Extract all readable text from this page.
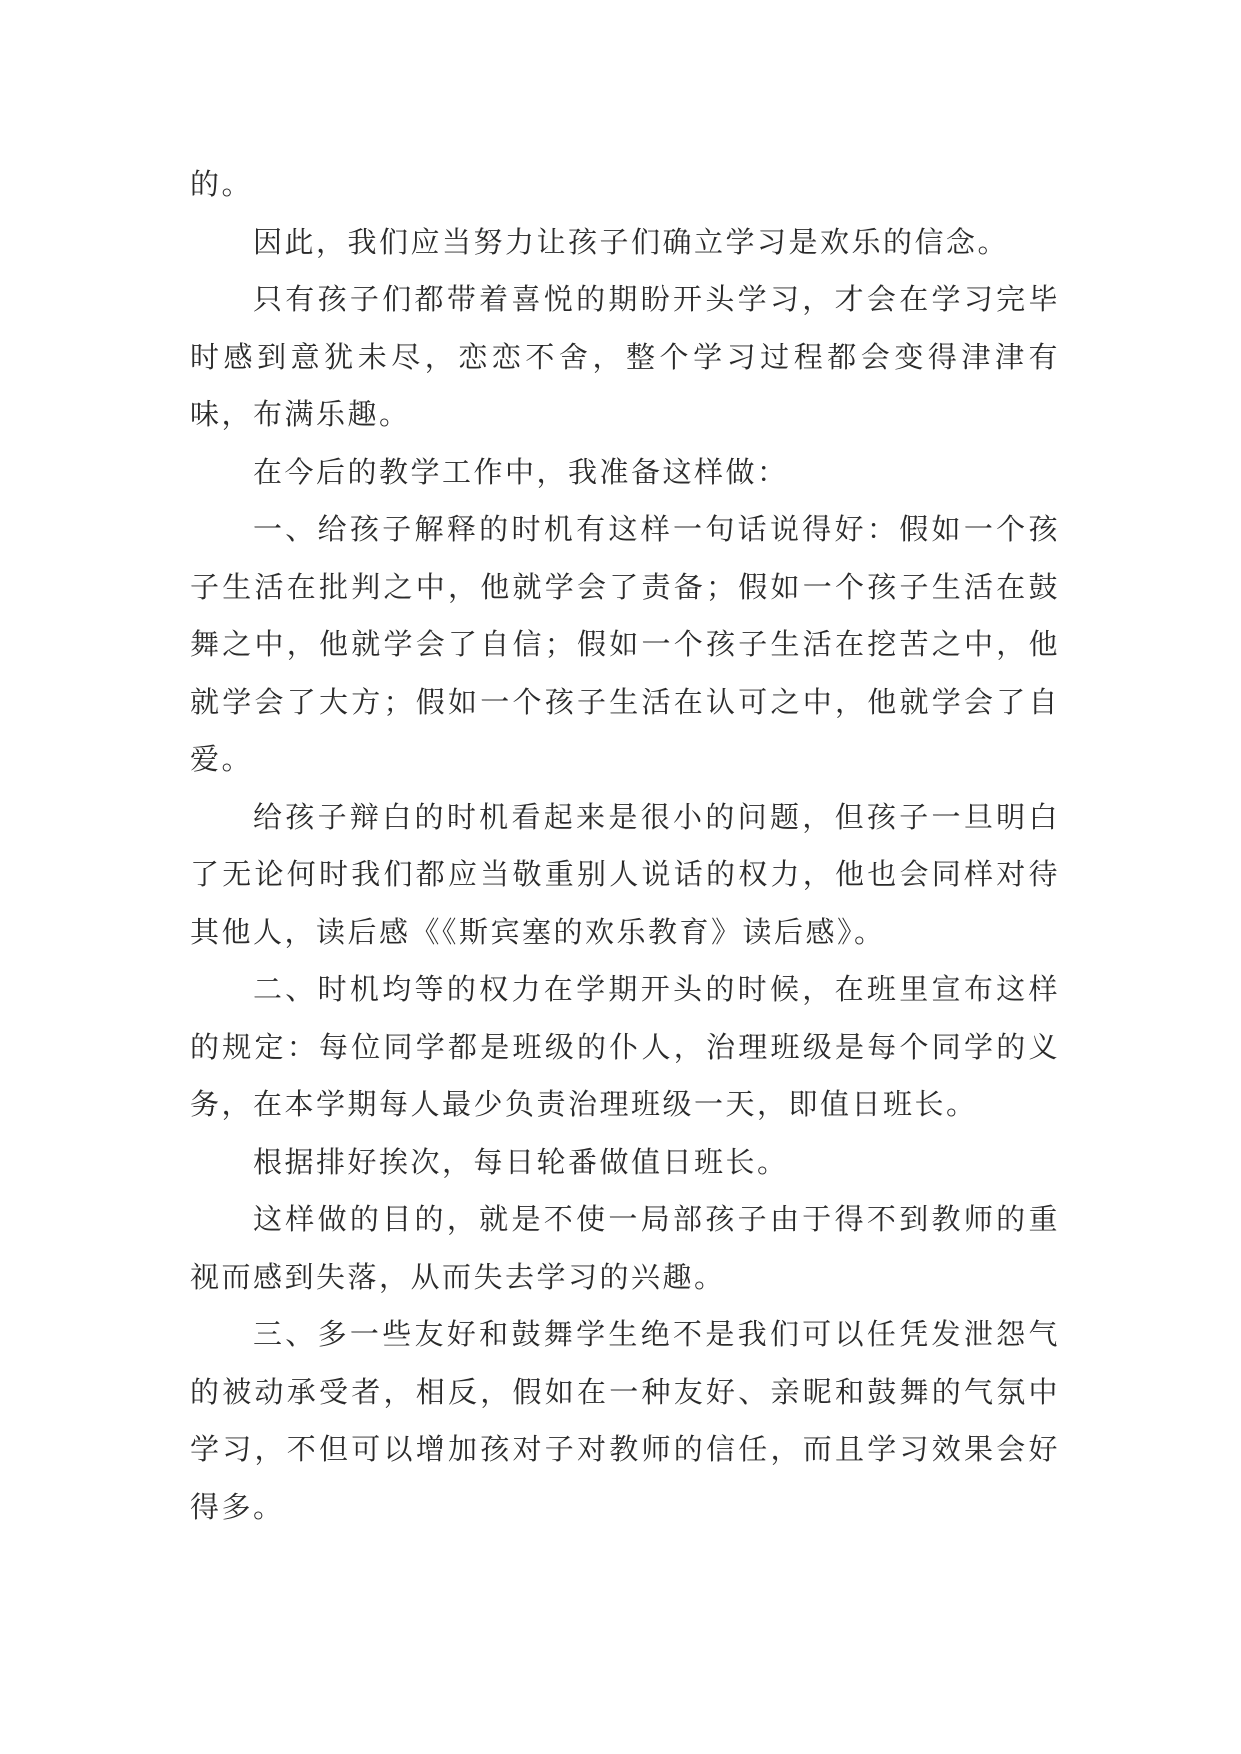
的。

因此，我们应当努力让孩子们确立学习是欢乐的信念。

只有孩子们都带着喜悦的期盼开头学习，才会在学习完毕时感到意犹未尽，恋恋不舍，整个学习过程都会变得津津有味，布满乐趣。

在今后的教学工作中，我准备这样做：

一、给孩子解释的时机有这样一句话说得好：假如一个孩子生活在批判之中，他就学会了责备；假如一个孩子生活在鼓舞之中，他就学会了自信；假如一个孩子生活在挖苦之中，他就学会了大方；假如一个孩子生活在认可之中，他就学会了自爱。

给孩子辩白的时机看起来是很小的问题，但孩子一旦明白了无论何时我们都应当敬重别人说话的权力，他也会同样对待其他人，读后感《《斯宾塞的欢乐教育》读后感》。

二、时机均等的权力在学期开头的时候，在班里宣布这样的规定：每位同学都是班级的仆人，治理班级是每个同学的义务，在本学期每人最少负责治理班级一天，即值日班长。

根据排好挨次，每日轮番做值日班长。

这样做的目的，就是不使一局部孩子由于得不到教师的重视而感到失落，从而失去学习的兴趣。

三、多一些友好和鼓舞学生绝不是我们可以任凭发泄怨气的被动承受者，相反，假如在一种友好、亲昵和鼓舞的气氛中学习，不但可以增加孩对子对教师的信任，而且学习效果会好得多。
